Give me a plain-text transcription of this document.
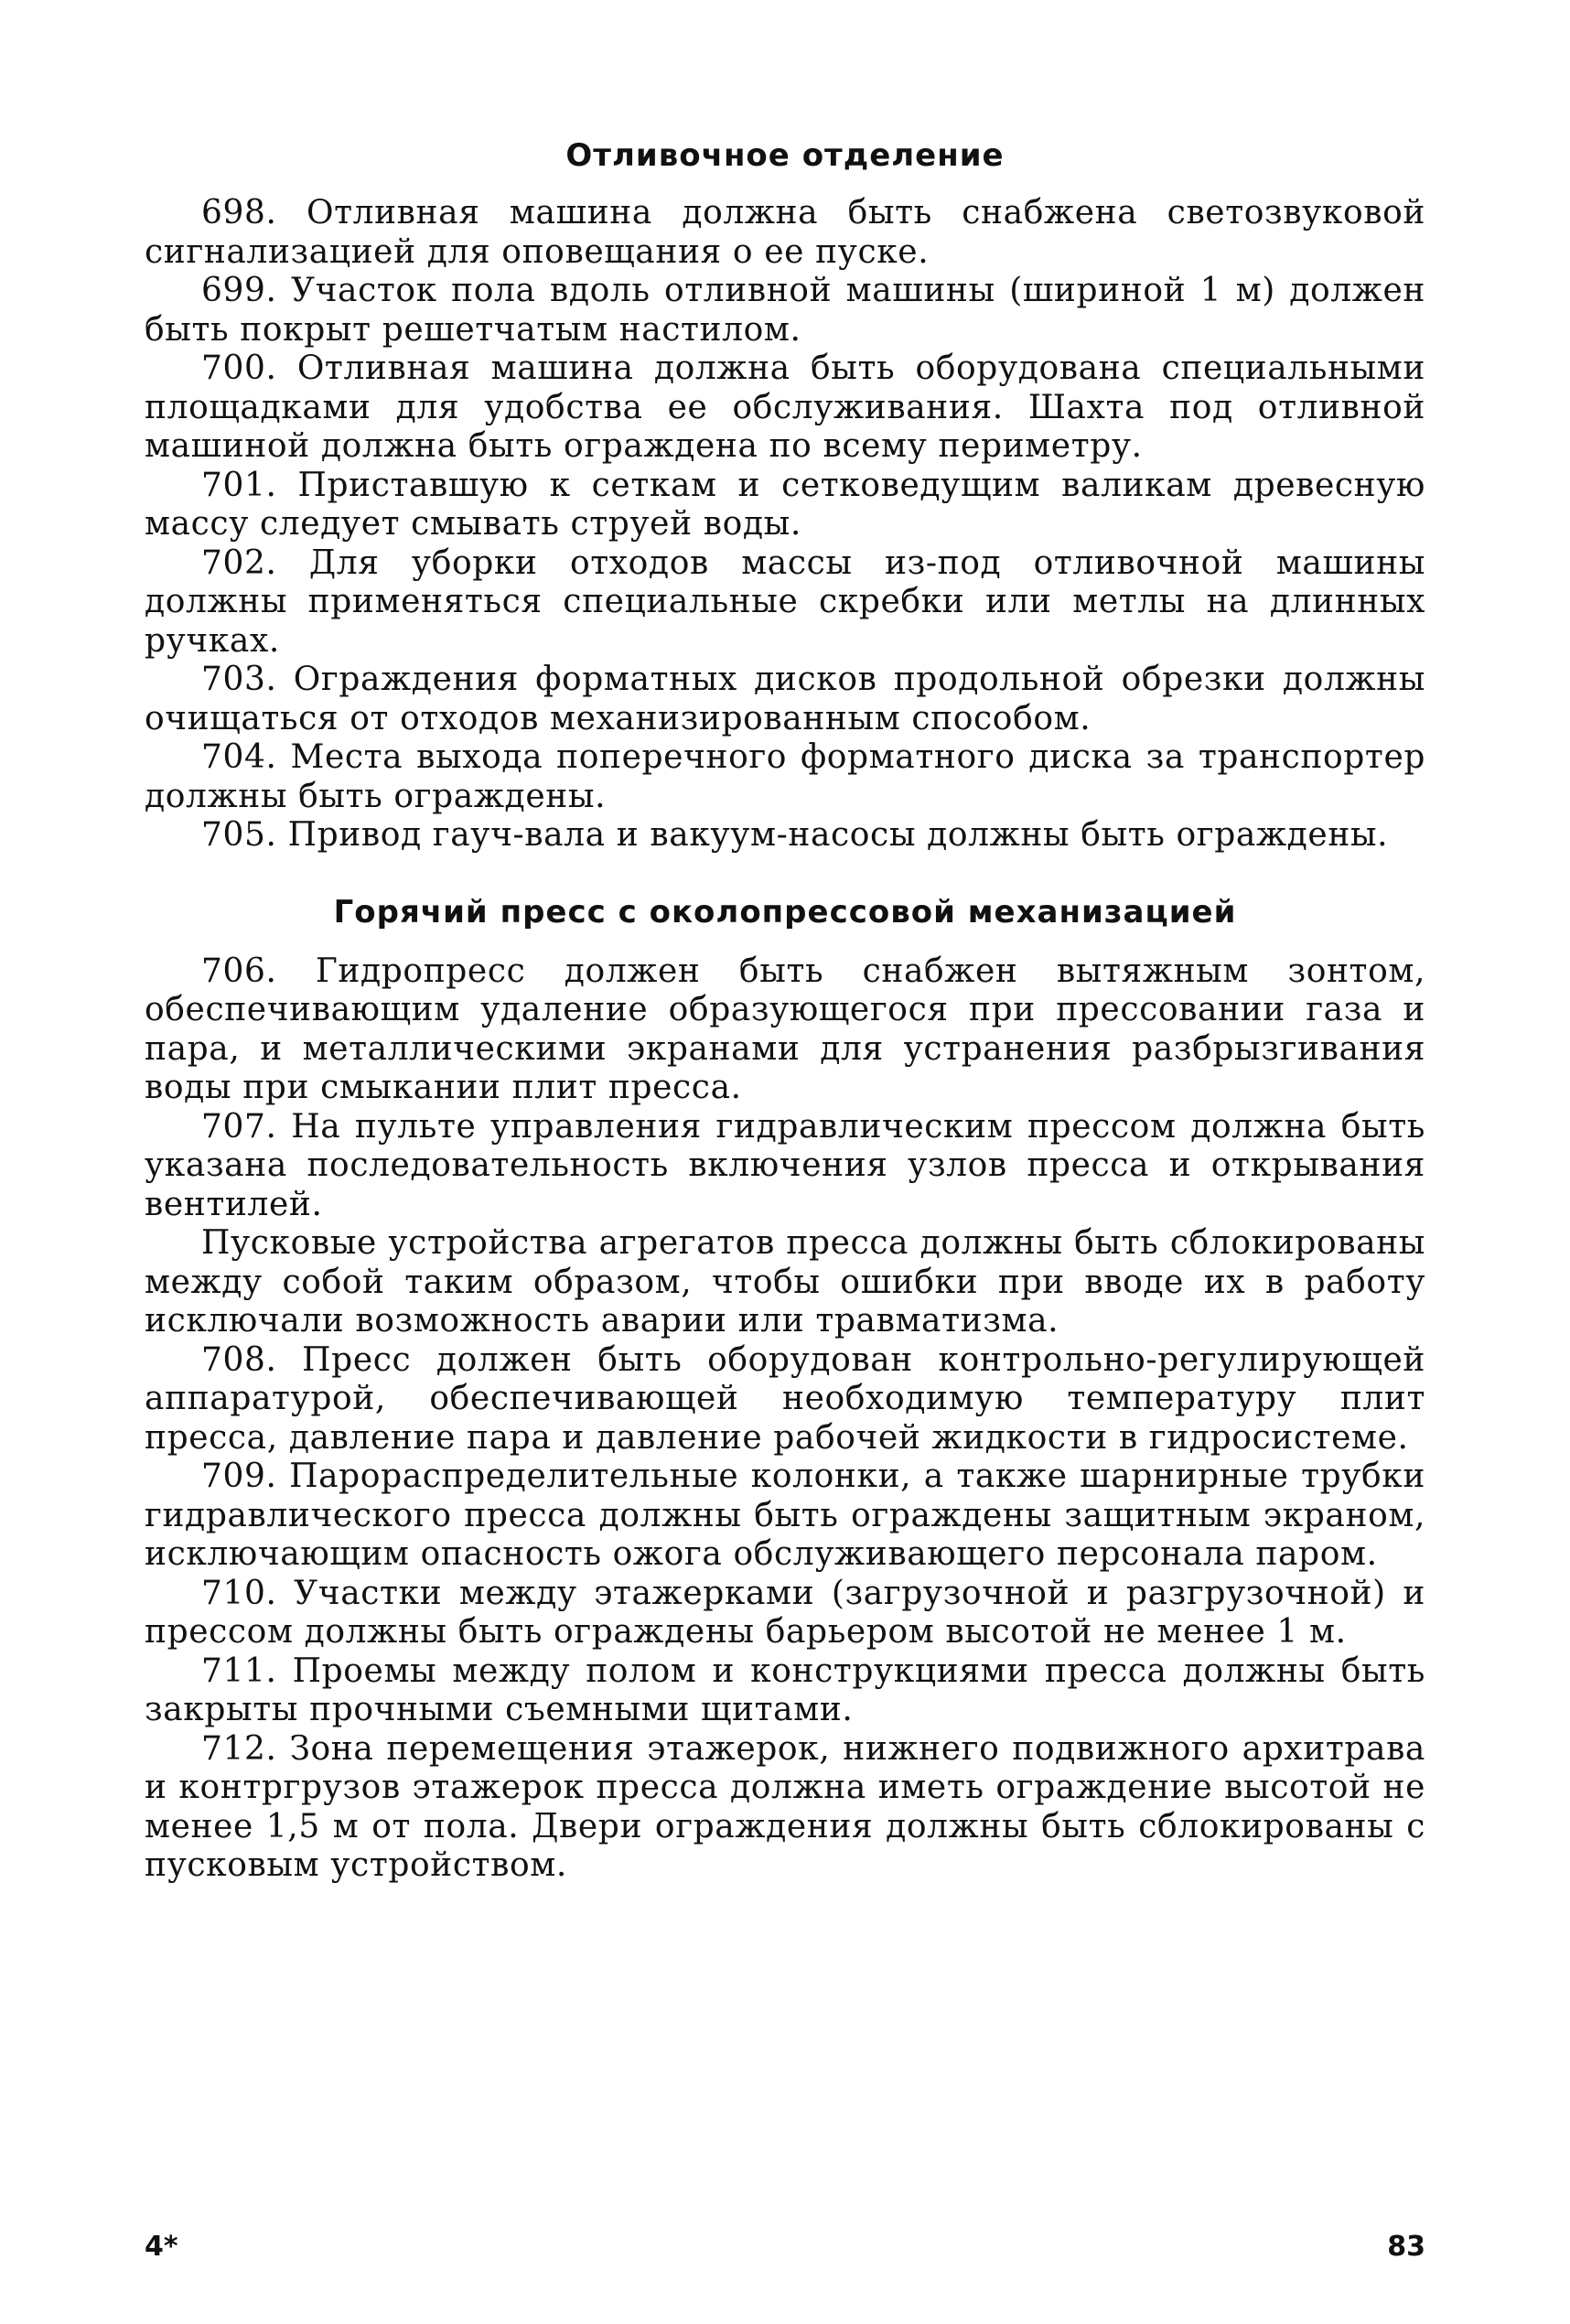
Отливочное отделение

698. Отливная машина должна быть снабжена светозвуковой сигнализацией для оповещания о ее пуске.

699. Участок пола вдоль отливной машины (шириной 1 м) должен быть покрыт решетчатым настилом.

700. Отливная машина должна быть оборудована специальными площадками для удобства ее обслуживания. Шахта под отливной машиной должна быть ограждена по всему периметру.

701. Приставшую к сеткам и сетковедущим валикам древесную массу следует смывать струей воды.

702. Для уборки отходов массы из-под отливочной машины должны применяться специальные скребки или метлы на длинных ручках.

703. Ограждения форматных дисков продольной обрезки должны очищаться от отходов механизированным способом.

704. Места выхода поперечного форматного диска за транспортер должны быть ограждены.

705. Привод гауч-вала и вакуум-насосы должны быть ограждены.

Горячий пресс с околопрессовой механизацией

706. Гидропресс должен быть снабжен вытяжным зонтом, обеспечивающим удаление образующегося при прессовании газа и пара, и металлическими экранами для устранения разбрызгивания воды при смыкании плит пресса.

707. На пульте управления гидравлическим прессом должна быть указана последовательность включения узлов пресса и открывания вентилей.

Пусковые устройства агрегатов пресса должны быть сблокированы между собой таким образом, чтобы ошибки при вводе их в работу исключали возможность аварии или травматизма.

708. Пресс должен быть оборудован контрольно-регулирующей аппаратурой, обеспечивающей необходимую температуру плит пресса, давление пара и давление рабочей жидкости в гидросистеме.

709. Парораспределительные колонки, а также шарнирные трубки гидравлического пресса должны быть ограждены защитным экраном, исключающим опасность ожога обслуживающего персонала паром.

710. Участки между этажерками (загрузочной и разгрузочной) и прессом должны быть ограждены барьером высотой не менее 1 м.

711. Проемы между полом и конструкциями пресса должны быть закрыты прочными съемными щитами.

712. Зона перемещения этажерок, нижнего подвижного архитрава и контргрузов этажерок пресса должна иметь ограждение высотой не менее 1,5 м от пола. Двери ограждения должны быть сблокированы с пусковым устройством.

4*	83
